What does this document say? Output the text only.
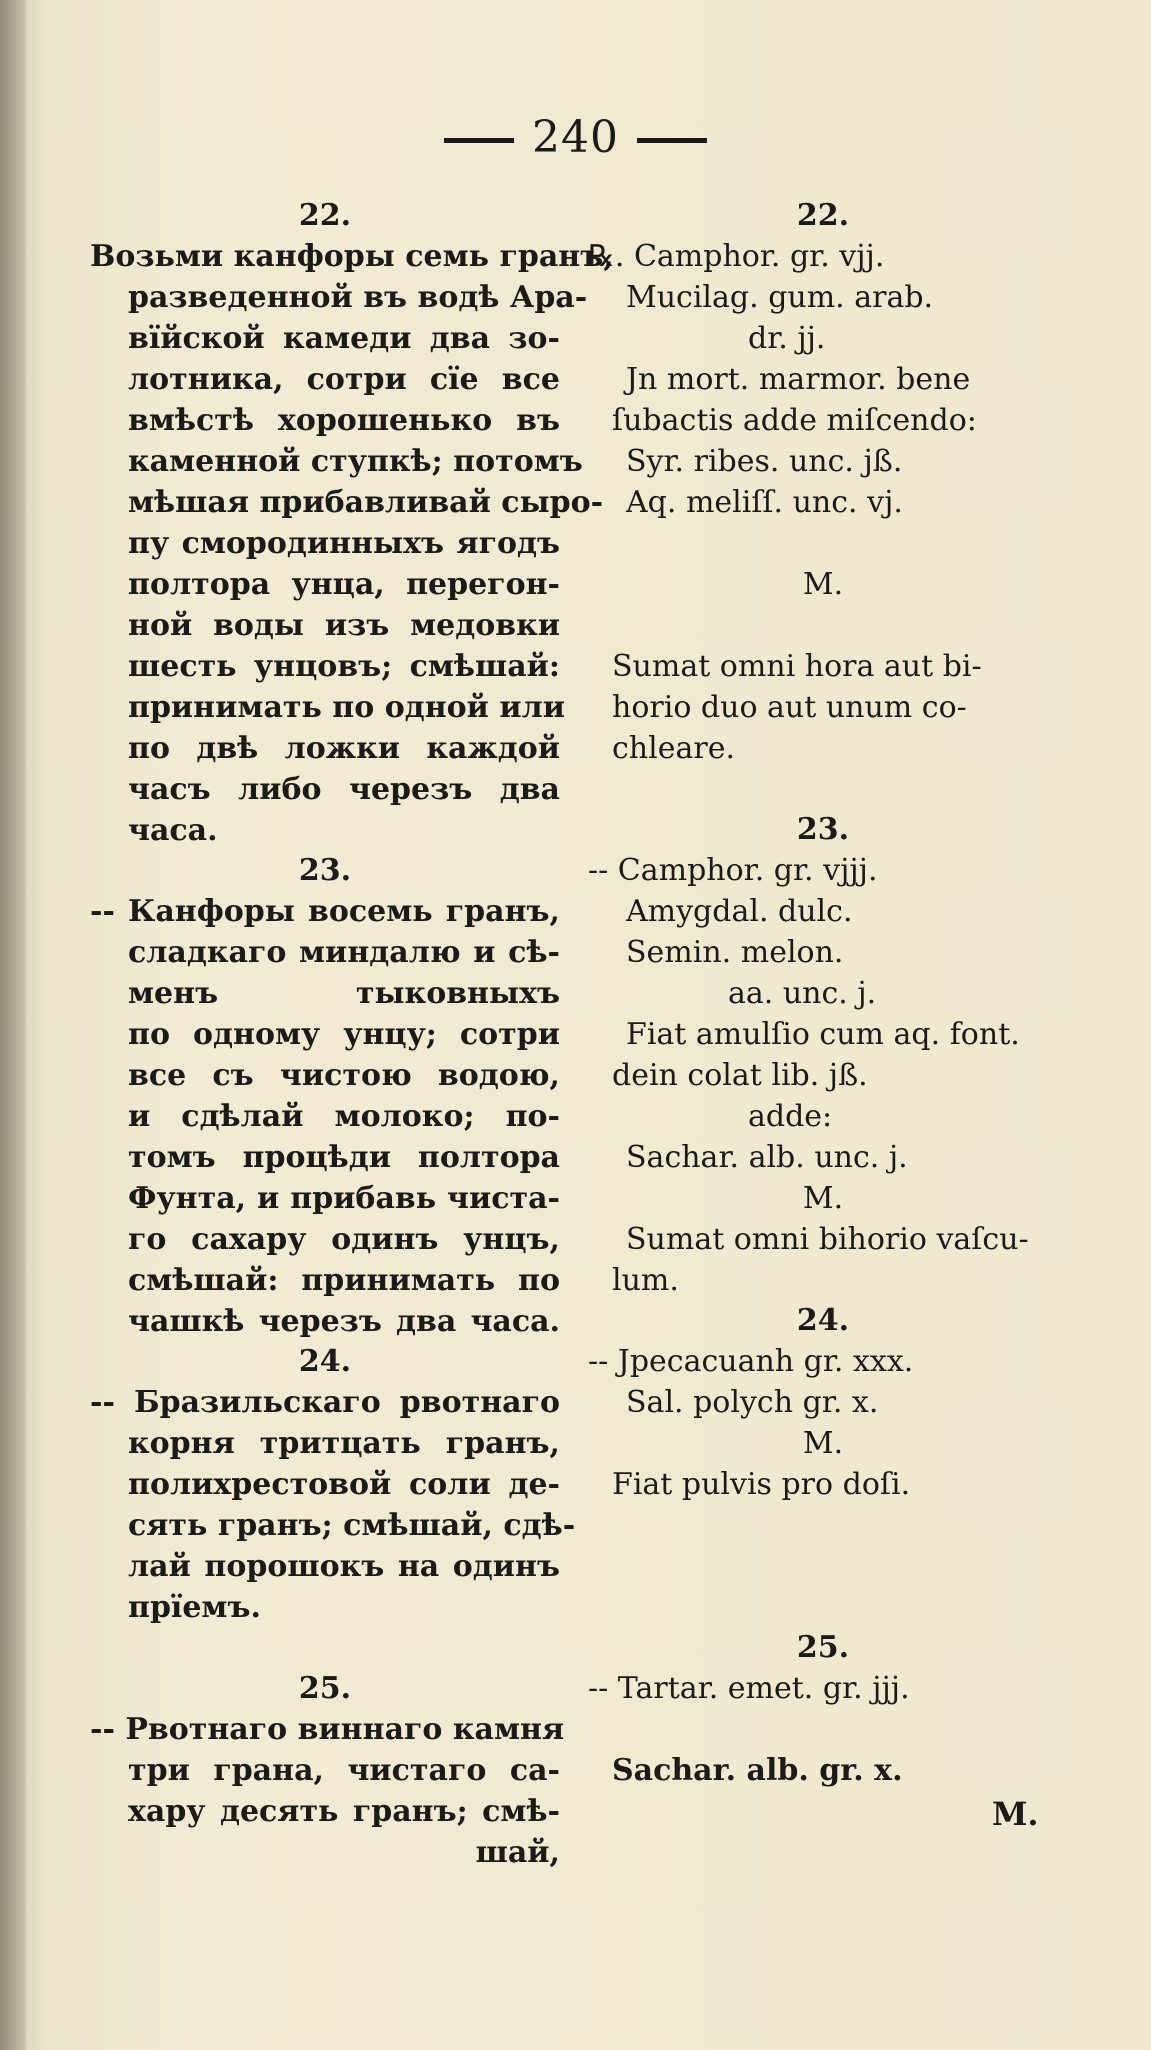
240
22.
Возьми канфоры семь гранъ,
разведенной въ водѣ Ара-
вїйской камеди два зо-
лотника, сотри сїе все
вмѣстѣ хорошенько въ
каменной ступкѣ; потомъ
мѣшая прибавливай сыро-
пу смородинныхъ ягодъ
полтора унца, перегон-
ной воды изъ медовки
шесть унцовъ; смѣшай:
принимать по одной или
по двѣ ложки каждой
часъ либо черезъ два
часа.
23.
-- Канфоры восемь гранъ,
сладкаго миндалю и сѣ-
менъ тыковныхъ
по одному унцу; сотри
все съ чистою водою,
и сдѣлай молоко; по-
томъ процѣди полтора
Фунта, и прибавь чиста-
го сахару одинъ унцъ,
смѣшай: принимать по
чашкѣ черезъ два часа.
24.
-- Бразильскаго рвотнаго
корня тритцать гранъ,
полихрестовой соли де-
сять гранъ; смѣшай, сдѣ-
лай порошокъ на одинъ
прїемъ.
25.
-- Рвотнаго виннаго камня
три грана, чистаго са-
хару десять гранъ; смѣ-
шай,
22.
℞. Camphor. gr. vjj.
Mucilag. gum. arab.
dr. jj.
Jn mort. marmor. bene
ſubactis adde miſcendo:
Syr. ribes. unc. jß.
Aq. meliſſ. unc. vj.
M.
Sumat omni hora aut bi-
horio duo aut unum co-
chleare.
23.
-- Camphor. gr. vjjj.
Amygdal. dulc.
Semin. melon.
aa. unc. j.
Fiat amulſio cum aq. font.
dein colat lib. jß.
adde:
Sachar. alb. unc. j.
M.
Sumat omni bihorio vaſcu-
lum.
24.
-- Jpecacuanh gr. xxx.
Sal. polych gr. x.
M.
Fiat pulvis pro doſi.
25.
-- Tartar. emet. gr. jjj.
Sachar. alb. gr. x.
M.
